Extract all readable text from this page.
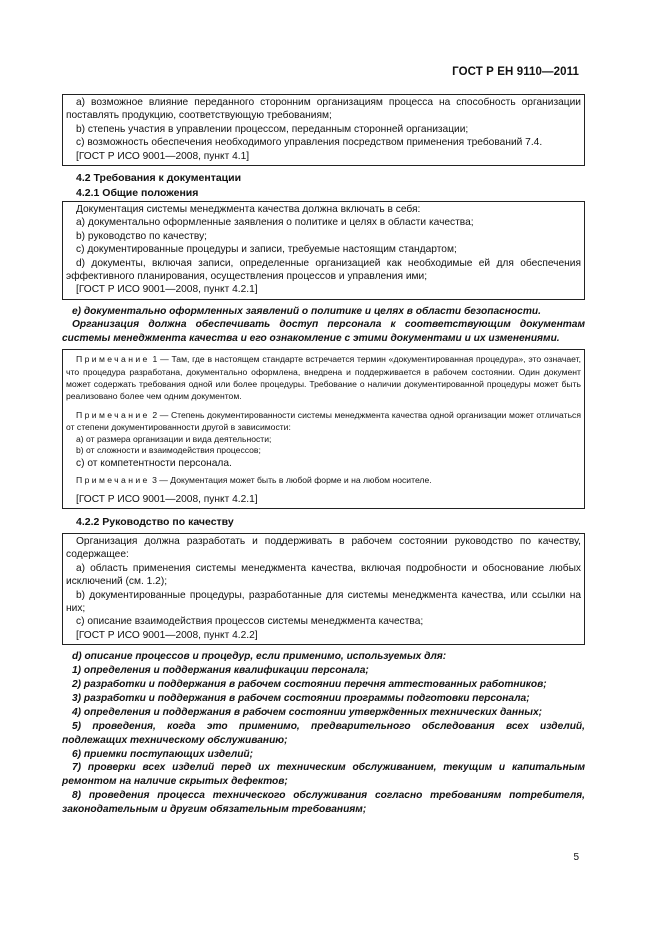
ГОСТ Р ЕН 9110—2011

а) возможное влияние переданного сторонним организациям процесса на способность организации поставлять продукцию, соответствующую требованиям;

b) степень участия в управлении процессом, переданным сторонней организации;

c) возможность обеспечения необходимого управления посредством применения требований 7.4.

[ГОСТ Р ИСО 9001—2008, пункт 4.1]

4.2 Требования к документации

4.2.1 Общие положения

Документация системы менеджмента качества должна включать в себя:

а) документально оформленные заявления о политике и целях в области качества;

b) руководство по качеству;

c) документированные процедуры и записи, требуемые настоящим стандартом;

d) документы, включая записи, определенные организацией как необходимые ей для обеспечения эффективного планирования, осуществления процессов и управления ими;

[ГОСТ Р ИСО 9001—2008, пункт 4.2.1]

е) документально оформленных заявлений о политике и целях в области безопасности.

Организация должна обеспечивать доступ персонала к соответствующим документам системы менеджмента качества и его ознакомление с этими документами и их изменениями.

Примечание 1 — Там, где в настоящем стандарте встречается термин «документированная процедура», это означает, что процедура разработана, документально оформлена, внедрена и поддерживается в рабочем состоянии. Один документ может содержать требования одной или более процедуры. Требование о наличии документированной процедуры может быть реализовано более чем одним документом.

Примечание 2 — Степень документированности системы менеджмента качества одной организации может отличаться от степени документированности другой в зависимости:

а) от размера организации и вида деятельности;

b) от сложности и взаимодействия процессов;

c) от компетентности персонала.

Примечание 3 — Документация может быть в любой форме и на любом носителе.

[ГОСТ Р ИСО 9001—2008, пункт 4.2.1]

4.2.2 Руководство по качеству

Организация должна разработать и поддерживать в рабочем состоянии руководство по качеству, содержащее:

а) область применения системы менеджмента качества, включая подробности и обоснование любых исключений (см. 1.2);

b) документированные процедуры, разработанные для системы менеджмента качества, или ссылки на них;

c) описание взаимодействия процессов системы менеджмента качества;

[ГОСТ Р ИСО 9001—2008, пункт 4.2.2]

d) описание процессов и процедур, если применимо, используемых для:

1) определения и поддержания квалификации персонала;

2) разработки и поддержания в рабочем состоянии перечня аттестованных работников;

3) разработки и поддержания в рабочем состоянии программы подготовки персонала;

4) определения и поддержания в рабочем состоянии утвержденных технических данных;

5) проведения, когда это применимо, предварительного обследования всех изделий, подлежащих техническому обслуживанию;

6) приемки поступающих изделий;

7) проверки всех изделий перед их техническим обслуживанием, текущим и капитальным ремонтом на наличие скрытых дефектов;

8) проведения процесса технического обслуживания согласно требованиям потребителя, законодательным и другим обязательным требованиям;

5
